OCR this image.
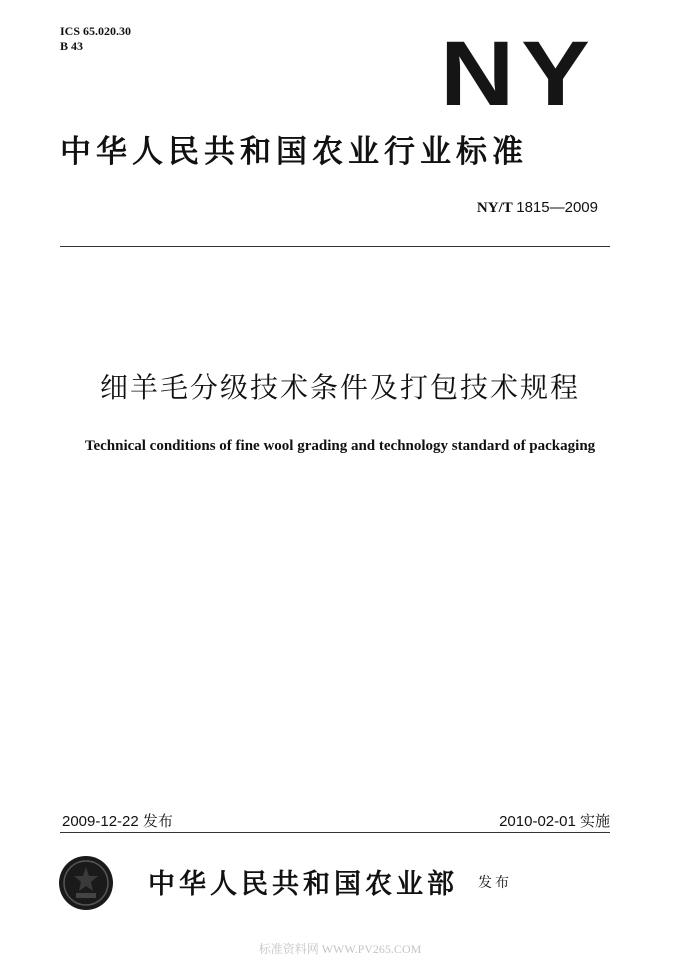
ICS 65.020.30
B 43	NY
中华人民共和国农业行业标准
NY/T 1815—2009
细羊毛分级技术条件及打包技术规程
Technical conditions of fine wool grading and technology standard of packaging
2009-12-22 发布	2010-02-01 实施
中华人民共和国农业部 发布
标准资料网 WWW.PV265.COM
